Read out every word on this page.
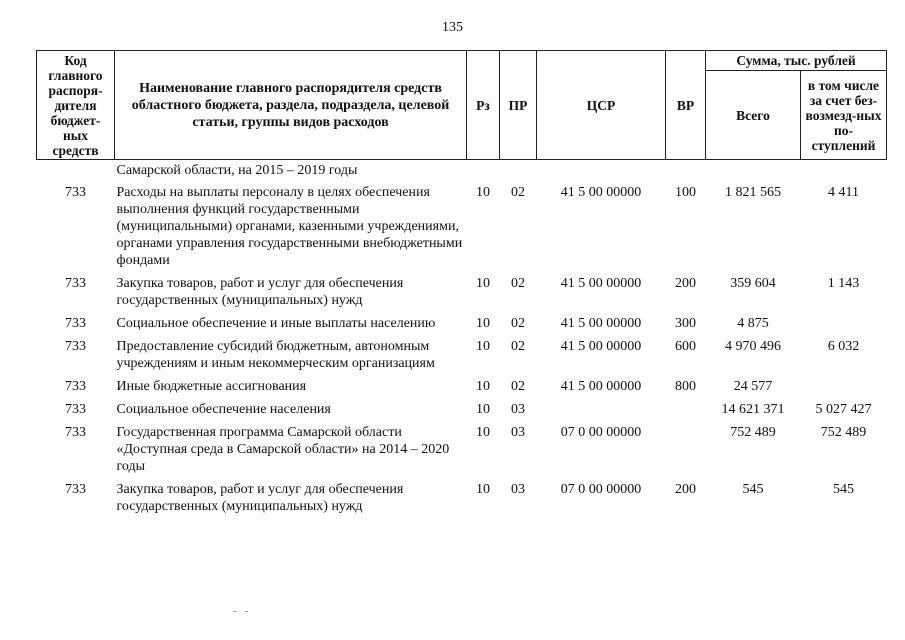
135
Код главного распоря-дителя бюджет-ных средств	Наименование главного распорядителя средств областного бюджета, раздела, подраздела, целевой статьи, группы видов расходов	Рз	ПР	ЦСР	ВР	Сумма, тыс. рублей	
						Всего	в том числе за счет без-возмезд-ных по-ступлений
	Самарской области, на 2015 – 2019 годы						
733	Расходы на выплаты персоналу в целях обеспечения выполнения функций государственными (муниципальными) органами, казенными учреждениями, органами управления государственными внебюджетными фондами	10	02	41 5 00 00000	100	1 821 565	4 411
733	Закупка товаров, работ и услуг для обеспечения государственных (муниципальных) нужд	10	02	41 5 00 00000	200	359 604	1 143
733	Социальное обеспечение и иные выплаты населению	10	02	41 5 00 00000	300	4 875	
733	Предоставление субсидий бюджетным, автономным учреждениям и иным некоммерческим организациям	10	02	41 5 00 00000	600	4 970 496	6 032
733	Иные бюджетные ассигнования	10	02	41 5 00 00000	800	24 577	
733	Социальное обеспечение населения	10	03			14 621 371	5 027 427
733	Государственная программа Самарской области «Доступная среда в Самарской области» на 2014 – 2020 годы	10	03	07 0 00 00000		752 489	752 489
733	Закупка товаров, работ и услуг для обеспечения государственных (муниципальных) нужд	10	03	07 0 00 00000	200	545	545
- -
